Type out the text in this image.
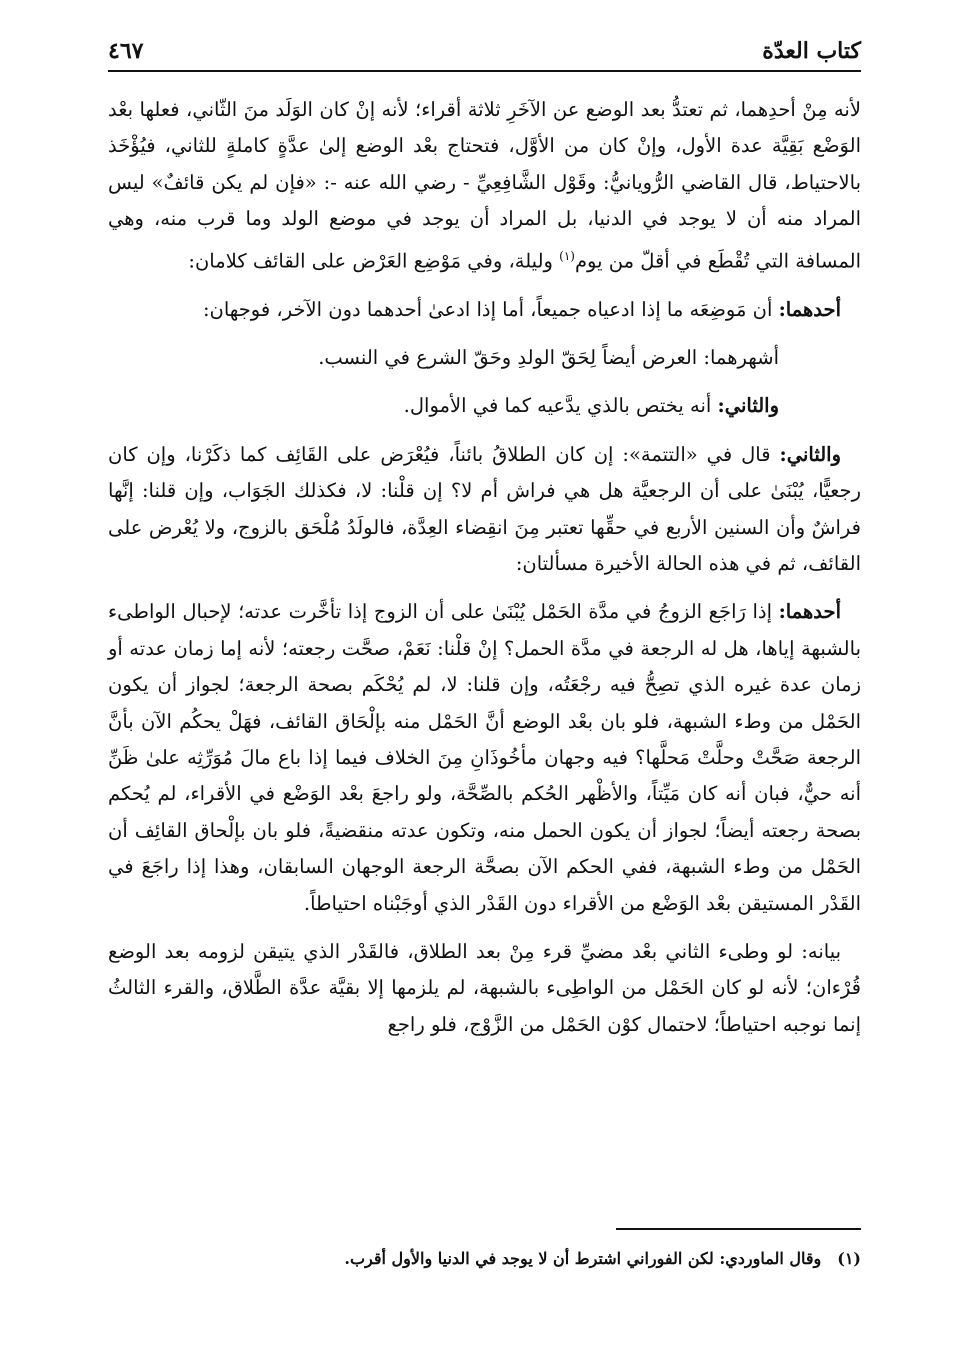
كتاب العدّة
٤٦٧

لأنه مِنْ أحدِهما، ثم تعتدُّ بعد الوضع عن الآخَرِ ثلاثة أقراء؛ لأنه إنْ كان الوَلَد منَ الثّاني، فعلها بعْد الوَضْع بَقِيَّة عدة الأول، وإنْ كان من الأوَّل، فتحتاج بعْد الوضع إلىٰ عدَّةٍ كاملةٍ للثاني، فيُؤْخَذ بالاحتياط، قال القاضي الرُّويانيُّ: وقَوْل الشَّافِعِيِّ - رضي الله عنه -: «فإن لم يكن قائفٌ» ليس المراد منه أن لا يوجد في الدنيا، بل المراد أن يوجد في موضع الولد وما قرب منه، وهي المسافة التي تُقْطَع في أقلّ من يوم$^{(١)}$ وليلة، وفي مَوْضِع العَرْض على القائف كلامان:

أحدهما: أن مَوضِعَه ما إذا ادعياه جميعاً، أما إذا ادعىٰ أحدهما دون الآخر، فوجهان:

أشهرهما: العرض أيضاً لِحَقّ الولدِ وحَقّ الشرع في النسب.

والثاني: أنه يختص بالذي يدَّعيه كما في الأموال.

والثاني: قال في «التتمة»: إن كان الطلاقُ بائناً، فيُعْرَض على القَائِف كما ذكَرْنا، وإن كان رجعيًّا، يُبْنَىٰ على أن الرجعيَّة هل هي فراش أم لا؟ إن قلْنا: لا، فكذلك الجَوَاب، وإن قلنا: إنَّها فراشٌ وأن السنين الأربع في حقِّها تعتبر مِنَ انقِضاء العِدَّة، فالولَدُ مُلْحَق بالزوج، ولا يُعْرض على القائف، ثم في هذه الحالة الأخيرة مسألتان:

أحدهما: إذا رَاجَع الزوجُ في مدَّة الحَمْل يُبْنَىٰ على أن الزوج إذا تأخَّرت عدته؛ لإحبال الواطىء بالشبهة إياها، هل له الرجعة في مدَّة الحمل؟ إنْ قلْنا: نَعَمْ، صحَّت رجعته؛ لأنه إما زمان عدته أو زمان عدة غيره الذي تصِحُّ فيه رجْعَتُه، وإن قلنا: لا، لم يُحْكَم بصحة الرجعة؛ لجواز أن يكون الحَمْل من وطء الشبهة، فلو بان بعْد الوضع أنَّ الحَمْل منه بإلْحَاق القائف، فهَلْ يحكُم الآن بأنَّ الرجعة صَحَّتْ وحلَّتْ مَحلَّها؟ فيه وجهان مأخُوذَانِ مِنَ الخلاف فيما إذا باع مالَ مُوَرِّثِه علىٰ ظَنِّ أنه حيٌّ، فبان أنه كان مَيِّتاً، والأظْهر الحُكم بالصِّحَّة، ولو راجعَ بعْد الوَضْع في الأقراء، لم يُحكم بصحة رجعته أيضاً؛ لجواز أن يكون الحمل منه، وتكون عدته منقضيةً، فلو بان بإلْحاق القائِف أن الحَمْل من وطء الشبهة، ففي الحكم الآن بصحَّة الرجعة الوجهان السابقان، وهذا إذا راجَعَ في القَدْر المستيقن بعْد الوَضْع من الأقراء دون القَدْر الذي أوجَبْناه احتياطاً.

بيانه: لو وطىء الثاني بعْد مضيِّ قرء مِنْ بعد الطلاق، فالقَدْر الذي يتيقن لزومه بعد الوضع قُرْءان؛ لأنه لو كان الحَمْل من الواطِىء بالشبهة، لم يلزمها إلا بقيَّة عدَّة الطَّلاق، والقرء الثالثُ إنما نوجبه احتياطاً؛ لاحتمال كوْن الحَمْل من الزَّوْج، فلو راجع

(١)وقال الماوردي: لكن الفوراني اشترط أن لا يوجد في الدنيا والأول أقرب.
